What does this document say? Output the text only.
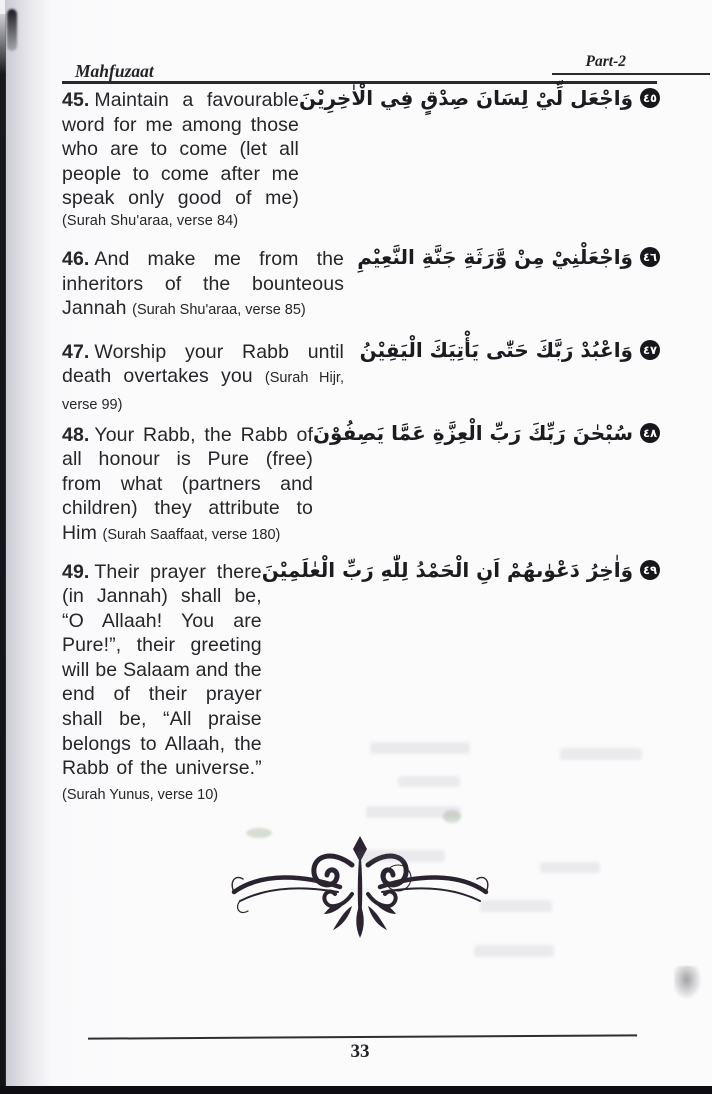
Mahfuzaat	Part-2
45. Maintain a favourable word for me among those who are to come (let all people to come after me speak only good of me)
(Surah Shu'araa, verse 84)
٤٥وَاجْعَل لِّيْ لِسَانَ صِدْقٍ فِي الْاٰخِرِيْنَ
46. And make me from the inheritors of the bounteous Jannah (Surah Shu'araa, verse 85)
٤٦وَاجْعَلْنِيْ مِنْ وَّرَثَةِ جَنَّةِ النَّعِيْمِ
47. Worship your Rabb until death overtakes you (Surah Hijr, verse 99)
٤٧وَاعْبُدْ رَبَّكَ حَتّٰى يَأْتِيَكَ الْيَقِيْنُ
48. Your Rabb, the Rabb of all honour is Pure (free) from what (partners and children) they attribute to Him (Surah Saaffaat, verse 180)
٤٨سُبْحٰنَ رَبِّكَ رَبِّ الْعِزَّةِ عَمَّا يَصِفُوْنَ
49. Their prayer there (in Jannah) shall be, “O Allaah! You are Pure!”, their greeting will be Salaam and the end of their prayer shall be, “All praise belongs to Allaah, the Rabb of the universe.” (Surah Yunus, verse 10)
٤٩وَاٰخِرُ دَعْوٰىهُمْ اَنِ الْحَمْدُ لِلّٰهِ رَبِّ الْعٰلَمِيْنَ
33
